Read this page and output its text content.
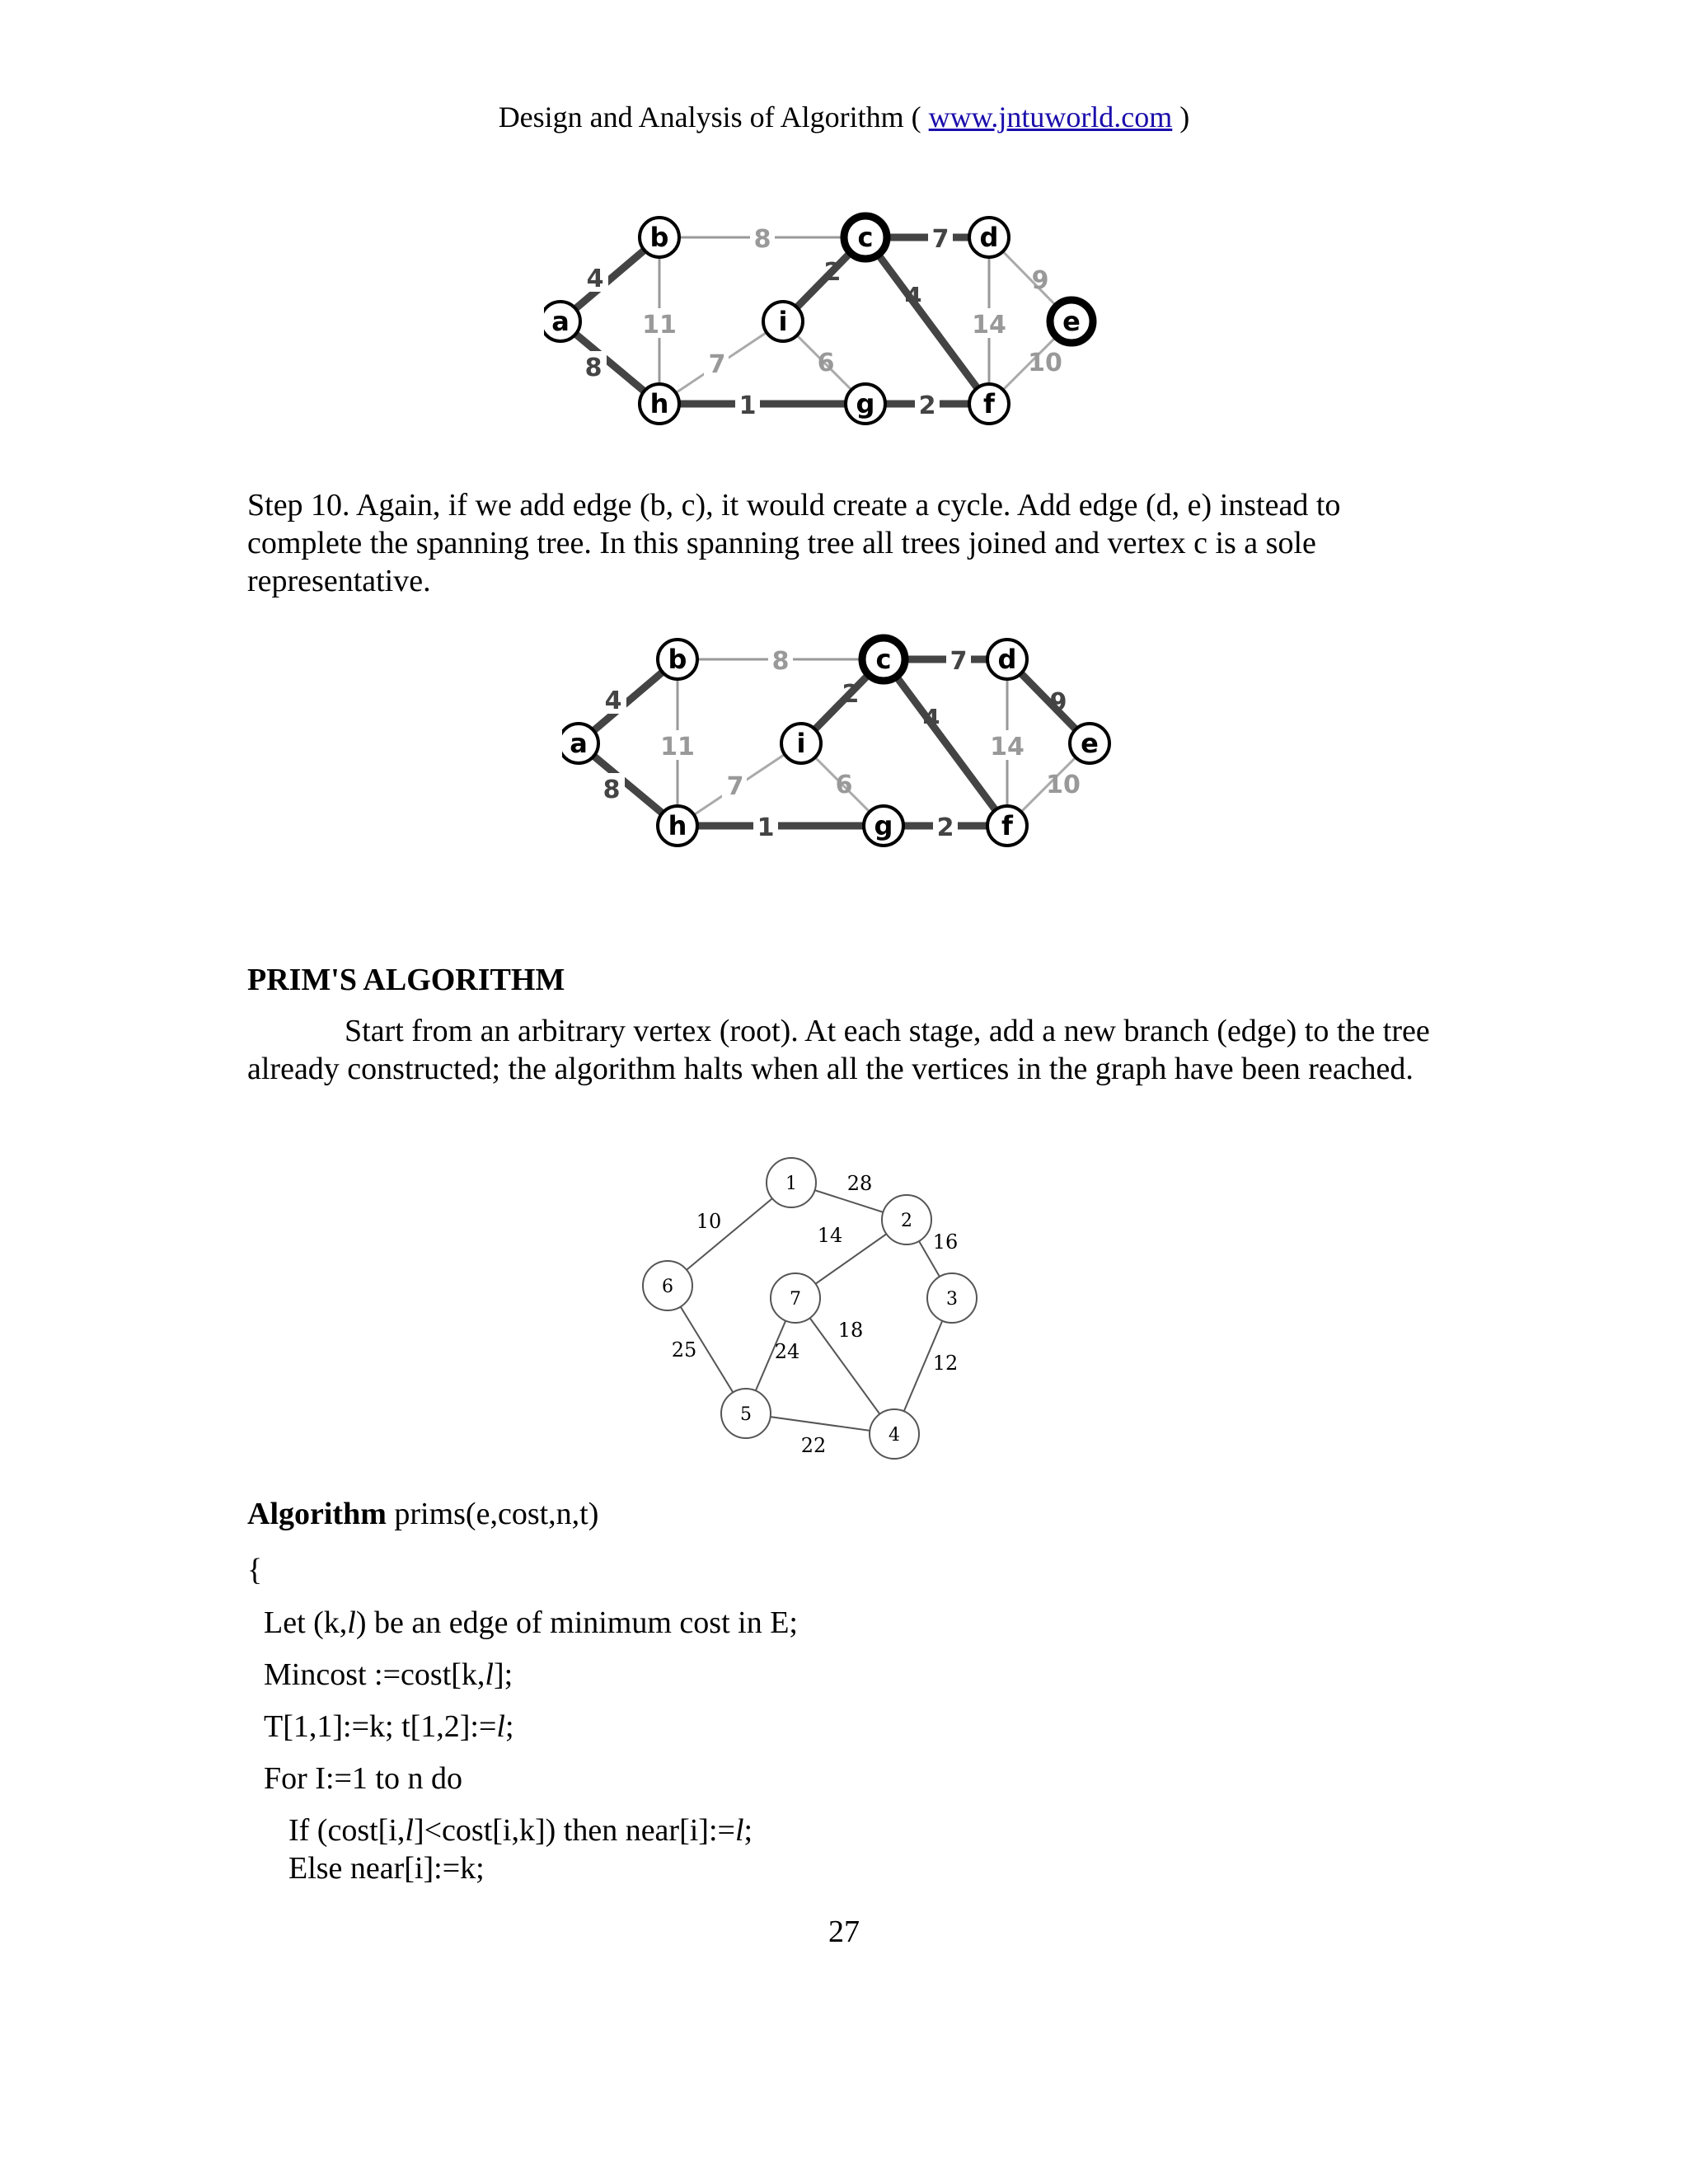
Design and Analysis of Algorithm ( www.jntuworld.com )
4
8
11
8
7
2
6
1	2
4
14
7
9
10
a
b	c	d
e
f
g
h
i
Step 10. Again, if we add edge (b, c), it would create a cycle. Add edge (d, e) instead to complete the spanning tree. In this spanning tree all trees joined and vertex c is a sole representative.
4
8
11
8
7
2
6
1	2
4
14
7
9
10
a
b	c	d
e
f
g
h
i
PRIM'S ALGORITHM
Start from an arbitrary vertex (root). At each stage, add a new branch (edge) to the tree already constructed; the algorithm halts when all the vertices in the graph have been reached.
28
10
14	16
25	24
18
12
22
1
2
3
4
5
6
7
Algorithm prims(e,cost,n,t)
{
Let (k,l) be an edge of minimum cost in E;
Mincost :=cost[k,l];
T[1,1]:=k; t[1,2]:=l;
For I:=1 to n do
If (cost[i,l]<cost[i,k]) then near[i]:=l;
Else near[i]:=k;
27
